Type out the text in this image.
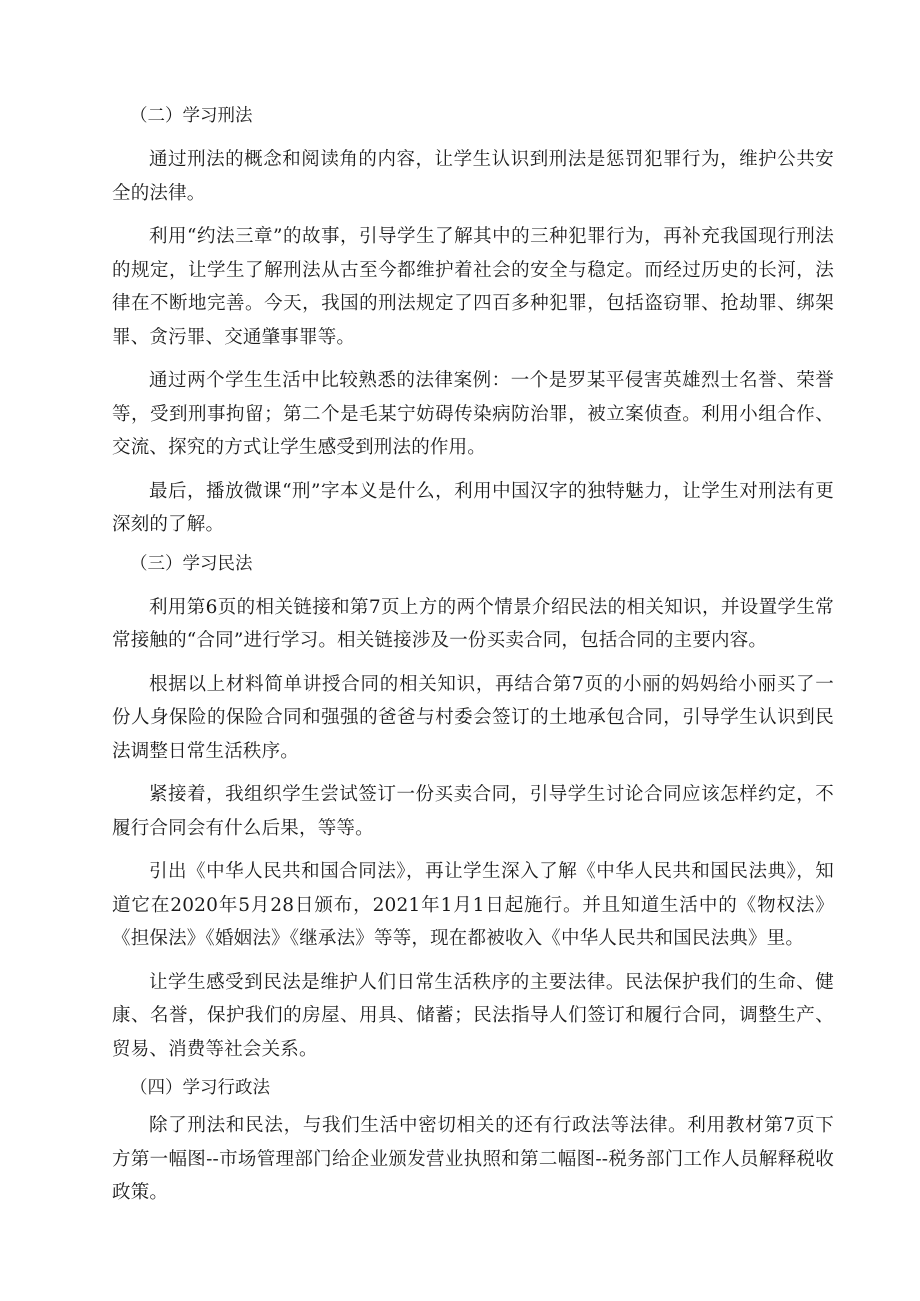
（二）学习刑法

通过刑法的概念和阅读角的内容，让学生认识到刑法是惩罚犯罪行为，维护公共安全的法律。

利用“约法三章”的故事，引导学生了解其中的三种犯罪行为，再补充我国现行刑法的规定，让学生了解刑法从古至今都维护着社会的安全与稳定。而经过历史的长河，法律在不断地完善。今天，我国的刑法规定了四百多种犯罪，包括盗窃罪、抢劫罪、绑架罪、贪污罪、交通肇事罪等。

通过两个学生生活中比较熟悉的法律案例：一个是罗某平侵害英雄烈士名誉、荣誉等，受到刑事拘留；第二个是毛某宁妨碍传染病防治罪，被立案侦查。利用小组合作、交流、探究的方式让学生感受到刑法的作用。

最后，播放微课“刑”字本义是什么，利用中国汉字的独特魅力，让学生对刑法有更深刻的了解。

（三）学习民法

利用第6页的相关链接和第7页上方的两个情景介绍民法的相关知识，并设置学生常常接触的“合同”进行学习。相关链接涉及一份买卖合同，包括合同的主要内容。

根据以上材料简单讲授合同的相关知识，再结合第7页的小丽的妈妈给小丽买了一份人身保险的保险合同和强强的爸爸与村委会签订的土地承包合同，引导学生认识到民法调整日常生活秩序。

紧接着，我组织学生尝试签订一份买卖合同，引导学生讨论合同应该怎样约定，不履行合同会有什么后果，等等。

引出《中华人民共和国合同法》，再让学生深入了解《中华人民共和国民法典》，知道它在2020年5月28日颁布，2021年1月1日起施行。并且知道生活中的《物权法》《担保法》《婚姻法》《继承法》等等，现在都被收入《中华人民共和国民法典》里。

让学生感受到民法是维护人们日常生活秩序的主要法律。民法保护我们的生命、健康、名誉，保护我们的房屋、用具、储蓄；民法指导人们签订和履行合同，调整生产、贸易、消费等社会关系。

（四）学习行政法

除了刑法和民法，与我们生活中密切相关的还有行政法等法律。利用教材第7页下方第一幅图--市场管理部门给企业颁发营业执照和第二幅图--税务部门工作人员解释税收政策。
